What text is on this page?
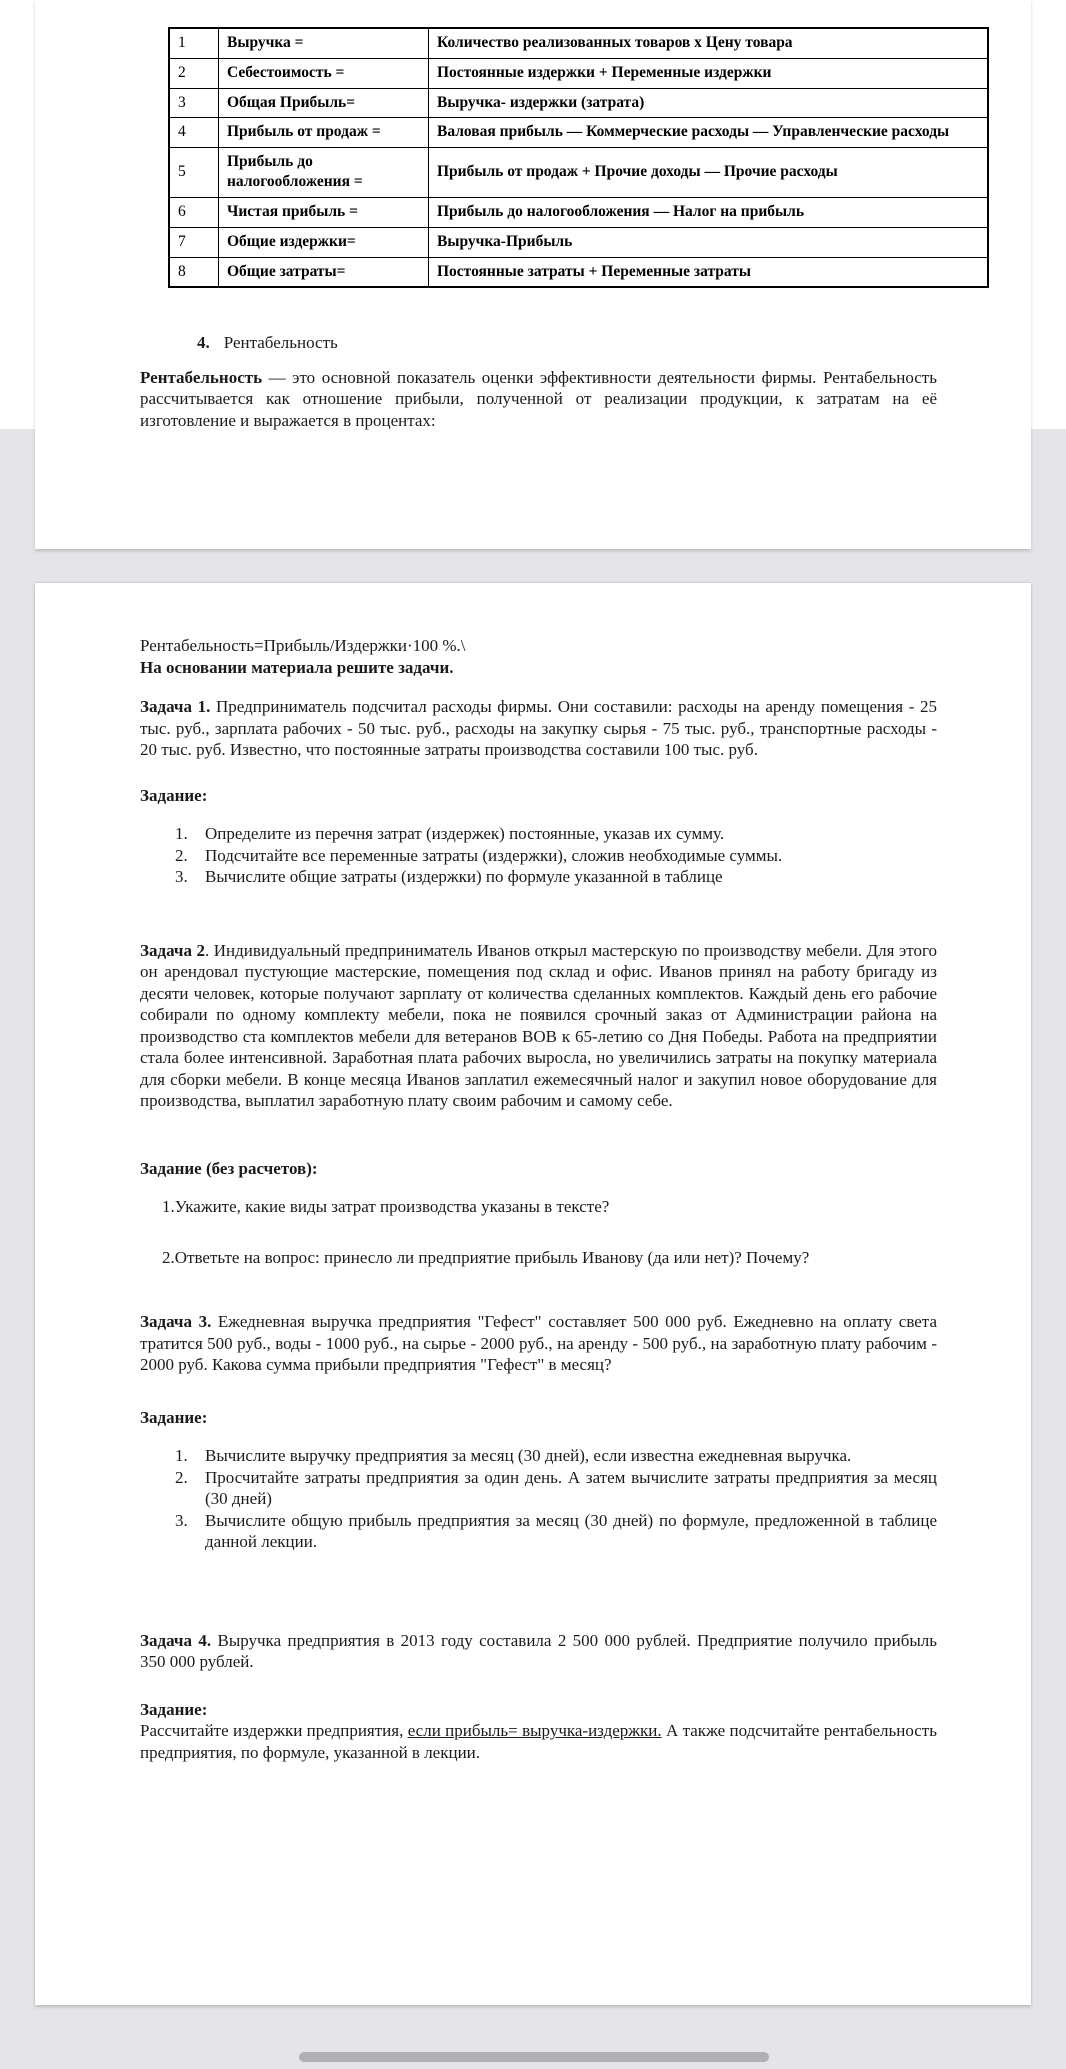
1	Выручка =	Количество реализованных товаров х Цену товара
2	Себестоимость =	Постоянные издержки + Переменные издержки
3	Общая Прибыль=	Выручка- издержки (затрата)
4	Прибыль от продаж =	Валовая прибыль — Коммерческие расходы — Управленческие расходы
5	Прибыль до налогообложения =	Прибыль от продаж + Прочие доходы — Прочие расходы
6	Чистая прибыль =	Прибыль до налогообложения — Налог на прибыль
7	Общие издержки=	Выручка-Прибыль
8	Общие затраты=	Постоянные затраты + Переменные затраты
4. Рентабельность

Рентабельность — это основной показатель оценки эффективности деятельности фирмы. Рентабельность рассчитывается как отношение прибыли, полученной от реализации продукции, к затратам на её изготовление и выражается в процентах:

Рентабельность=Прибыль/Издержки·100 %.\

На основании материала решите задачи.

Задача 1. Предприниматель подсчитал расходы фирмы. Они составили: расходы на аренду помещения - 25 тыс. руб., зарплата рабочих - 50 тыс. руб., расходы на закупку сырья - 75 тыс. руб., транспортные расходы - 20 тыс. руб. Известно, что постоянные затраты производства составили 100 тыс. руб.

Задание:

Определите из перечня затрат (издержек) постоянные, указав их сумму.
Подсчитайте все переменные затраты (издержки), сложив необходимые суммы.
Вычислите общие затраты (издержки) по формуле указанной в таблице

Задача 2. Индивидуальный предприниматель Иванов открыл мастерскую по производству мебели. Для этого он арендовал пустующие мастерские, помещения под склад и офис. Иванов принял на работу бригаду из десяти человек, которые получают зарплату от количества сделанных комплектов. Каждый день его рабочие собирали по одному комплекту мебели, пока не появился срочный заказ от Администрации района на производство ста комплектов мебели для ветеранов ВОВ к 65-летию со Дня Победы. Работа на предприятии стала более интенсивной. Заработная плата рабочих выросла, но увеличились затраты на покупку материала для сборки мебели. В конце месяца Иванов заплатил ежемесячный налог и закупил новое оборудование для производства, выплатил заработную плату своим рабочим и самому себе.

Задание (без расчетов):

1.Укажите, какие виды затрат производства указаны в тексте?

2.Ответьте на вопрос: принесло ли предприятие прибыль Иванову (да или нет)? Почему?

Задача 3. Ежедневная выручка предприятия "Гефест" составляет 500 000 руб. Ежедневно на оплату света тратится 500 руб., воды - 1000 руб., на сырье - 2000 руб., на аренду - 500 руб., на заработную плату рабочим - 2000 руб. Какова сумма прибыли предприятия "Гефест" в месяц?

Задание:

Вычислите выручку предприятия за месяц (30 дней), если известна ежедневная выручка.
Просчитайте затраты предприятия за один день. А затем вычислите затраты предприятия за месяц (30 дней)
Вычислите общую прибыль предприятия за месяц (30 дней) по формуле, предложенной в таблице данной лекции.

Задача 4. Выручка предприятия в 2013 году составила 2 500 000 рублей. Предприятие получило прибыль 350 000 рублей.

Задание:

Рассчитайте издержки предприятия, если прибыль= выручка-издержки. А также подсчитайте рентабельность предприятия, по формуле, указанной в лекции.
